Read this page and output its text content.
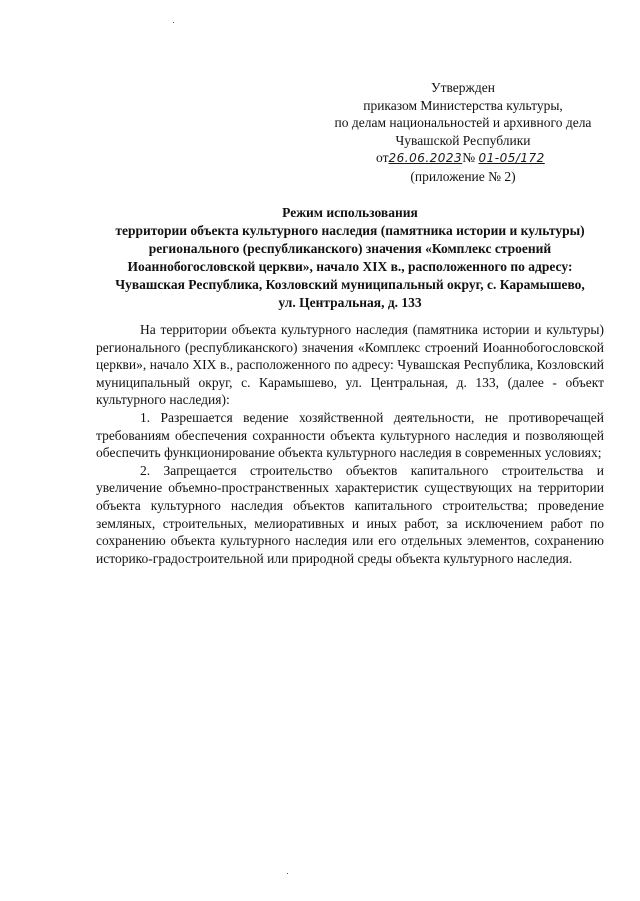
Утвержден
приказом Министерства культуры,
по делам национальностей и архивного дела
Чувашской Республики
от26.06.2023№ 01-05/172
(приложение № 2)
Режим использования
территории объекта культурного наследия (памятника истории и культуры)
регионального (республиканского) значения «Комплекс строений
Иоаннобогословской церкви», начало XIX в., расположенного по адресу:
Чувашская Республика, Козловский муниципальный округ, с. Карамышево,
ул. Центральная, д. 133

На территории объекта культурного наследия (памятника истории и культуры) регионального (республиканского) значения «Комплекс строений Иоаннобогословской церкви», начало XIX в., расположенного по адресу: Чувашская Республика, Козловский муниципальный округ, с. Карамышево, ул. Центральная, д. 133, (далее - объект культурного наследия):

1. Разрешается ведение хозяйственной деятельности, не противоречащей требованиям обеспечения сохранности объекта культурного наследия и позволяющей обеспечить функционирование объекта культурного наследия в современных условиях;

2. Запрещается строительство объектов капитального строительства и увеличение объемно-пространственных характеристик существующих на территории объекта культурного наследия объектов капитального строительства; проведение земляных, строительных, мелиоративных и иных работ, за исключением работ по сохранению объекта культурного наследия или его отдельных элементов, сохранению историко-градостроительной или природной среды объекта культурного наследия.
